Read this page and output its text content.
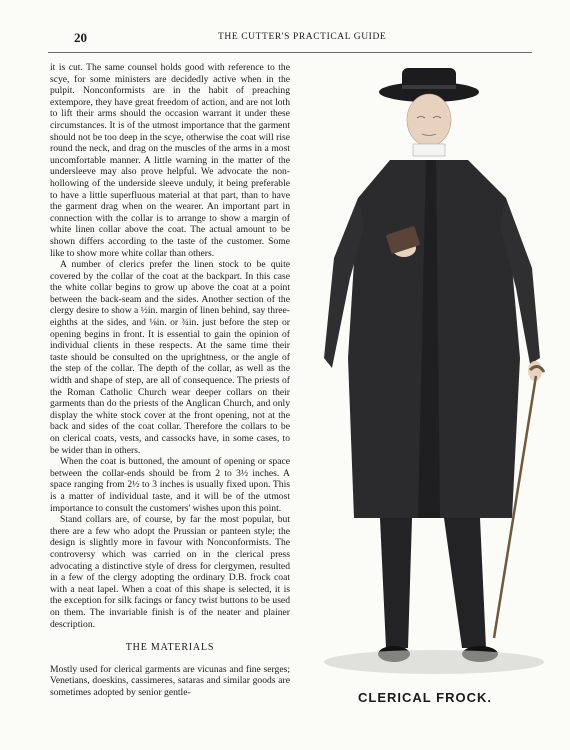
20	THE CUTTER'S PRACTICAL GUIDE

it is cut. The same counsel holds good with reference to the scye, for some ministers are decidedly active when in the pulpit. Nonconformists are in the habit of preaching extempore, they have great freedom of action, and are not loth to lift their arms should the occasion warrant it under these circumstances. It is of the utmost importance that the garment should not be too deep in the scye, otherwise the coat will rise round the neck, and drag on the muscles of the arms in a most uncomfortable manner. A little warning in the matter of the undersleeve may also prove helpful. We advocate the non-hollowing of the underside sleeve unduly, it being preferable to have a little superfluous material at that part, than to have the garment drag when on the wearer. An important part in connection with the collar is to arrange to show a margin of white linen collar above the coat. The actual amount to be shown differs according to the taste of the customer. Some like to show more white collar than others.

A number of clerics prefer the linen stock to be quite covered by the collar of the coat at the backpart. In this case the white collar begins to grow up above the coat at a point between the back-seam and the sides. Another section of the clergy desire to show a ½in. margin of linen behind, say three-eighths at the sides, and ⅛in. or ¾in. just before the step or opening begins in front. It is essential to gain the opinion of individual clients in these respects. At the same time their taste should be consulted on the uprightness, or the angle of the step of the collar. The depth of the collar, as well as the width and shape of step, are all of consequence. The priests of the Roman Catholic Church wear deeper collars on their garments than do the priests of the Anglican Church, and only display the white stock cover at the front opening, not at the back and sides of the coat collar. Therefore the collars to be on clerical coats, vests, and cassocks have, in some cases, to be wider than in others.

When the coat is buttoned, the amount of opening or space between the collar-ends should be from 2 to 3½ inches. A space ranging from 2½ to 3 inches is usually fixed upon. This is a matter of individual taste, and it will be of the utmost importance to consult the customers' wishes upon this point.

Stand collars are, of course, by far the most popular, but there are a few who adopt the Prussian or panteen style; the design is slightly more in favour with Nonconformists. The controversy which was carried on in the clerical press advocating a distinctive style of dress for clergymen, resulted in a few of the clergy adopting the ordinary D.B. frock coat with a neat lapel. When a coat of this shape is selected, it is the exception for silk facings or fancy twist buttons to be used on them. The invariable finish is of the neater and plainer description.

THE MATERIALS

Mostly used for clerical garments are vicunas and fine serges; Venetians, doeskins, cassimeres, sataras and similar goods are sometimes adopted by senior gentle-	CLERICAL FROCK.
